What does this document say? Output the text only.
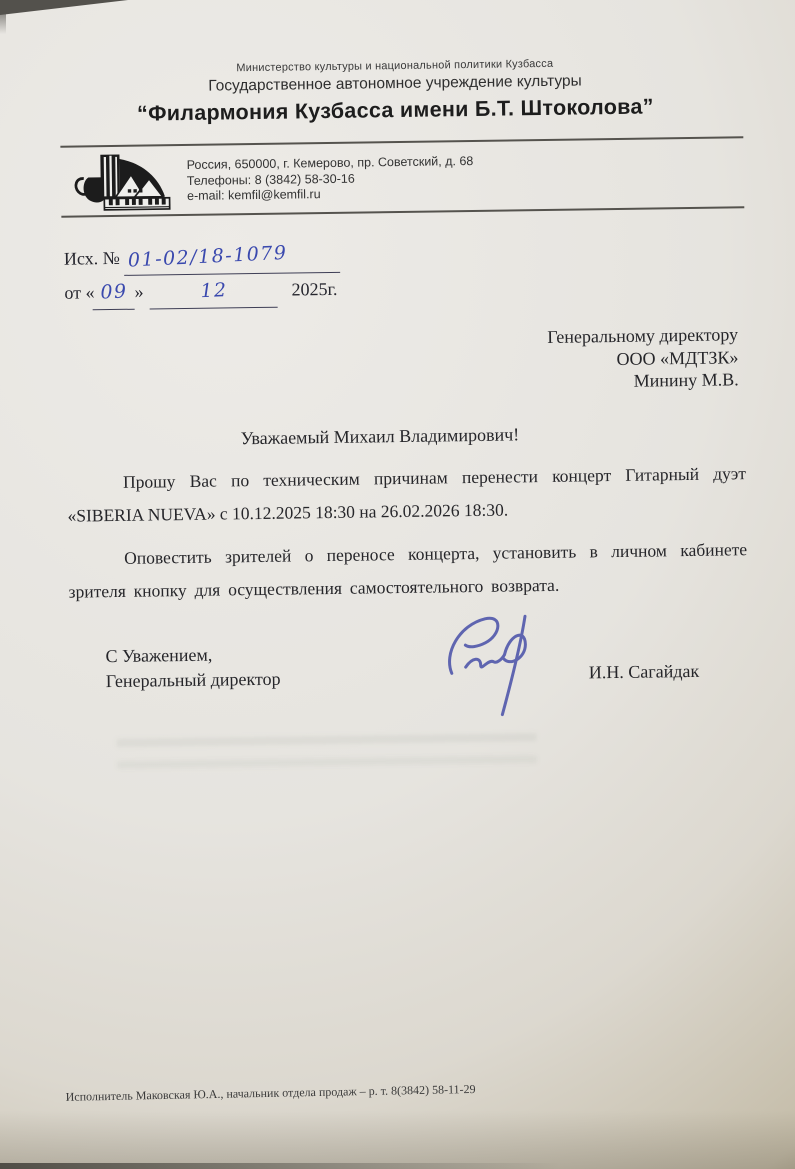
Министерство культуры и национальной политики Кузбасса
Государственное автономное учреждение культуры
“Филармония Кузбасса имени Б.Т. Штоколова”
Россия, 650000, г. Кемерово, пр. Советский, д. 68
Телефоны: 8 (3842) 58-30-16
e-mail: kemfil@kemfil.ru
Исх. № 01-02/18-1079
от « 09 »	12	2025г.
Генеральному директору
ООО «МДТЗК»
Минину М.В.
Уважаемый Михаил Владимирович!

Прошу Вас по техническим причинам перенести концерт Гитарный дуэт «SIBERIA NUEVA» с 10.12.2025 18:30 на 26.02.2026 18:30.

Оповестить зрителей о переносе концерта, установить в личном кабинете зрителя кнопку для осуществления самостоятельного возврата.

С Уважением,
Генеральный директор	И.Н. Сагайдак
Исполнитель Маковская Ю.А., начальник отдела продаж – р. т. 8(3842) 58-11-29
